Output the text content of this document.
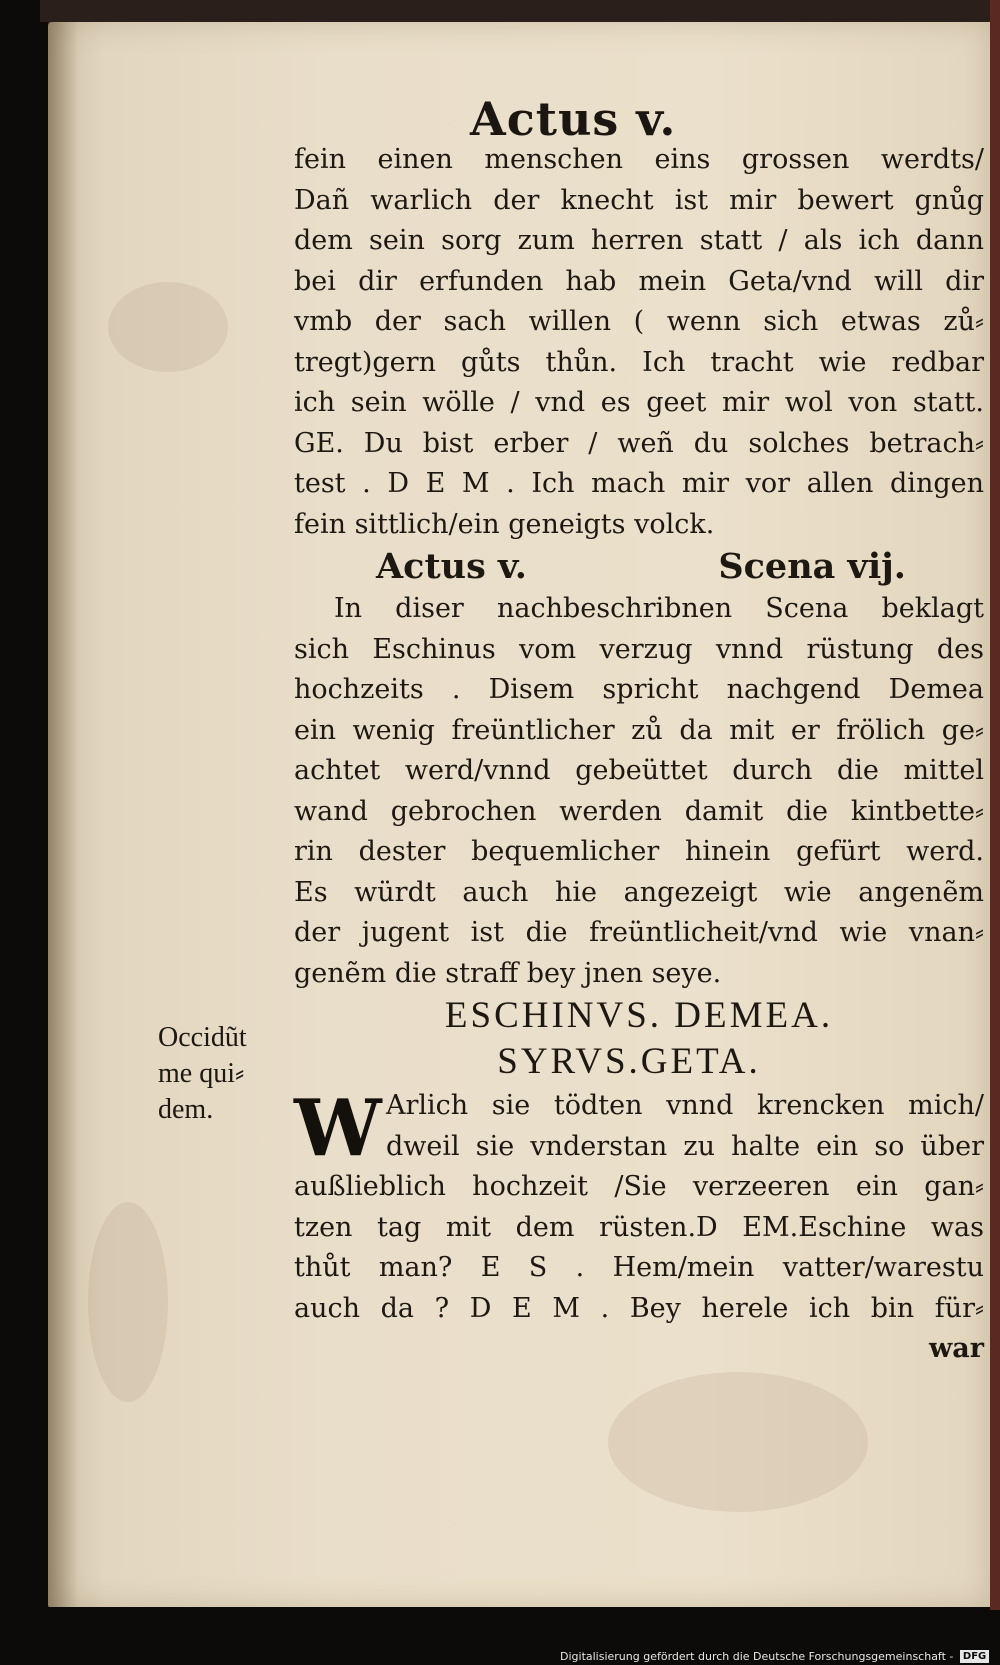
Actus v.
fein einen menschen eins grossen werdts/
Dañ warlich der knecht ist mir bewert gnůg
dem sein sorg zum herren statt / als ich dann
bei dir erfunden hab mein Geta/vnd will dir
vmb der sach willen ( wenn sich etwas zů⸗
tregt)gern gůts thůn. Ich tracht wie redbar
ich sein wölle / vnd es geet mir wol von statt.
GE. Du bist erber / weñ du solches betrach⸗
test . D E M . Ich mach mir vor allen dingen
fein sittlich/ein geneigts volck.
Actus v.	Scena vij.
In diser nachbeschribnen Scena beklagt
sich Eschinus vom verzug vnnd rüstung des
hochzeits . Disem spricht nachgend Demea
ein wenig freüntlicher zů da mit er frölich ge⸗
achtet werd/vnnd gebeüttet durch die mittel
wand gebrochen werden damit die kintbette⸗
rin dester bequemlicher hinein gefürt werd.
Es würdt auch hie angezeigt wie angenẽm
der jugent ist die freüntlicheit/vnd wie vnan⸗
genẽm die straff bey jnen seye.
ESCHINVS. DEMEA.
SYRVS.GETA.
W Arlich sie tödten vnnd krencken mich/
dweil sie vnderstan zu halte ein so über
außlieblich hochzeit /Sie verzeeren ein gan⸗
tzen tag mit dem rüsten.D EM.Eschine was
thůt man? E S . Hem/mein vatter/warestu
auch da ? D E M . Bey herele ich bin für⸗
war
Occidũt
me qui⸗
dem.
Digitalisierung gefördert durch die Deutsche Forschungsgemeinschaft - DFG
